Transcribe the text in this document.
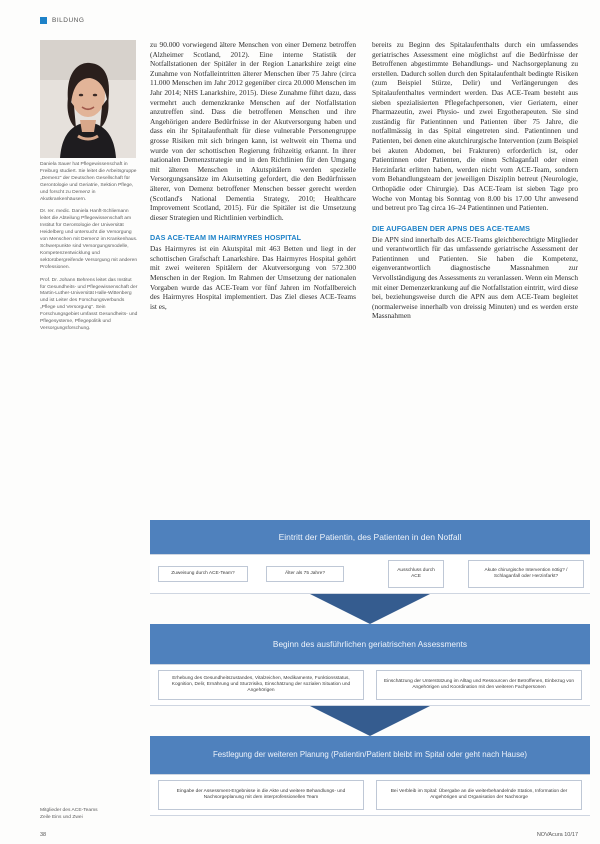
BILDUNG

Daniela Sauer hat Pflegewissenschaft in Freiburg studiert. Sie leitet die Arbeitsgruppe „Demenz“ der Deutschen Gesellschaft für Gerontologie und Geriatrie, Sektion Pflege, und forscht zu Demenz in Akutkrankenhäusern.

Dr. rer. medic. Daniela Hanft-Schliemann leitet die Abteilung Pflegewissenschaft am Institut für Gerontologie der Universität Heidelberg und untersucht die Versorgung von Menschen mit Demenz im Krankenhaus. Schwerpunkte sind Versorgungsmodelle, Kompetenzentwicklung und sektorübergreifende Versorgung mit anderen Professionen.

Prof. Dr. Johann Behrens leitet das Institut für Gesundheits- und Pflegewissenschaft der Martin-Luther-Universität Halle-Wittenberg und ist Leiter des Forschungsverbunds „Pflege und Versorgung“. Sein Forschungsgebiet umfasst Gesundheits- und Pflegesysteme, Pflegepolitik und Versorgungsforschung.

zu 90.000 vorwiegend ältere Menschen von einer Demenz betroffen (Alzheimer Scotland, 2012). Eine interne Statistik der Notfallstationen der Spitäler in der Region Lanarkshire zeigt eine Zunahme von Notfalleintritten älterer Menschen über 75 Jahre (circa 11.000 Menschen im Jahr 2012 gegenüber circa 20.000 Menschen im Jahr 2014; NHS Lanarkshire, 2015). Diese Zunahme führt dazu, dass vermehrt auch demenzkranke Menschen auf der Notfallstation anzutreffen sind. Dass die betroffenen Menschen und ihre Angehörigen andere Bedürfnisse in der Akutversorgung haben und dass ein ihr Spitalaufenthalt für diese vulnerable Personengruppe grosse Risiken mit sich bringen kann, ist weltweit ein Thema und wurde von der schottischen Regierung frühzeitig erkannt. In ihrer nationalen Demenzstrategie und in den Richtlinien für den Umgang mit älteren Menschen in Akutspitälern werden spezielle Versorgungsansätze im Akutsetting gefordert, die den Bedürfnissen älterer, von Demenz betroffener Menschen besser gerecht werden (Scotland's National Dementia Strategy, 2010; Healthcare Improvement Scotland, 2015). Für die Spitäler ist die Umsetzung dieser Strategien und Richtlinien verbindlich.

DAS ACE-TEAM IM HAIRMYRES HOSPITAL

Das Hairmyres ist ein Akutspital mit 463 Betten und liegt in der schottischen Grafschaft Lanarkshire. Das Hairmyres Hospital gehört mit zwei weiteren Spitälern der Akutversorgung von 572.300 Menschen in der Region. Im Rahmen der Umsetzung der nationalen Vorgaben wurde das ACE-Team vor fünf Jahren im Notfallbereich des Hairmyres Hospital implementiert. Das Ziel dieses ACE-Teams ist es,

bereits zu Beginn des Spitalaufenthalts durch ein umfassendes geriatrisches Assessment eine möglichst auf die Bedürfnisse der Betroffenen abgestimmte Behandlungs- und Nachsorgeplanung zu erstellen. Dadurch sollen durch den Spitalaufenthalt bedingte Risiken (zum Beispiel Stürze, Delir) und Verlängerungen des Spitalaufenthaltes vermindert werden. Das ACE-Team besteht aus sieben spezialisierten Pflegefachpersonen, vier Geriatern, einer Pharmazeutin, zwei Physio- und zwei Ergotherapeuten. Sie sind zuständig für Patientinnen und Patienten über 75 Jahre, die notfallmässig in das Spital eingetreten sind. Patientinnen und Patienten, bei denen eine akutchirurgische Intervention (zum Beispiel bei akuten Abdomen, bei Frakturen) erforderlich ist, oder Patientinnen oder Patienten, die einen Schlaganfall oder einen Herzinfarkt erlitten haben, werden nicht vom ACE-Team, sondern vom Behandlungsteam der jeweiligen Disziplin betreut (Neurologie, Orthopädie oder Chirurgie). Das ACE-Team ist sieben Tage pro Woche von Montag bis Sonntag von 8.00 bis 17.00 Uhr anwesend und betreut pro Tag circa 16–24 Patientinnen und Patienten.

DIE AUFGABEN DER APNS DES ACE-TEAMS

Die APN sind innerhalb des ACE-Teams gleichberechtigte Mitglieder und verantwortlich für das umfassende geriatrische Assessment der Patientinnen und Patienten. Sie haben die Kompetenz, eigenverantwortlich diagnostische Massnahmen zur Vervollständigung des Assessments zu veranlassen. Wenn ein Mensch mit einer Demenzerkrankung auf die Notfallstation eintritt, wird diese bei, beziehungsweise durch die APN aus dem ACE-Team begleitet (normalerweise innerhalb von dreissig Minuten) und es werden erste Massnahmen

Eintritt der Patientin, des Patienten in den Notfall
Zuweisung durch ACE-Team?	Älter als 75 Jahre?
Ausschluss durch ACE
Akute chirurgische Intervention nötig? / Schlaganfall oder Herzinfarkt?
Beginn des ausführlichen geriatrischen Assessments
Erhebung des Gesundheitszustandes, Vitalzeichen, Medikamente, Funktionsstatus, Kognition, Delir, Ernährung und Sturzrisiko, Einschätzung der sozialen Situation und Angehörigen
Einschätzung der Unterstützung im Alltag und Ressourcen der Betroffenen, Einbezug von Angehörigen und Koordination mit den weiteren Fachpersonen
Festlegung der weiteren Planung (Patientin/Patient bleibt im Spital oder geht nach Hause)
Eingabe der Assessment-Ergebnisse in die Akte und weitere Behandlungs- und Nachsorgeplanung mit dem interprofessionellen Team
Bei Verbleib im Spital: Übergabe an die weiterbehandelnde Station, Information der Angehörigen und Organisation der Nachsorge
Mitglieder des ACE-Teams
Zeile Eins und Zwei
38	NOVAcura 10/17
